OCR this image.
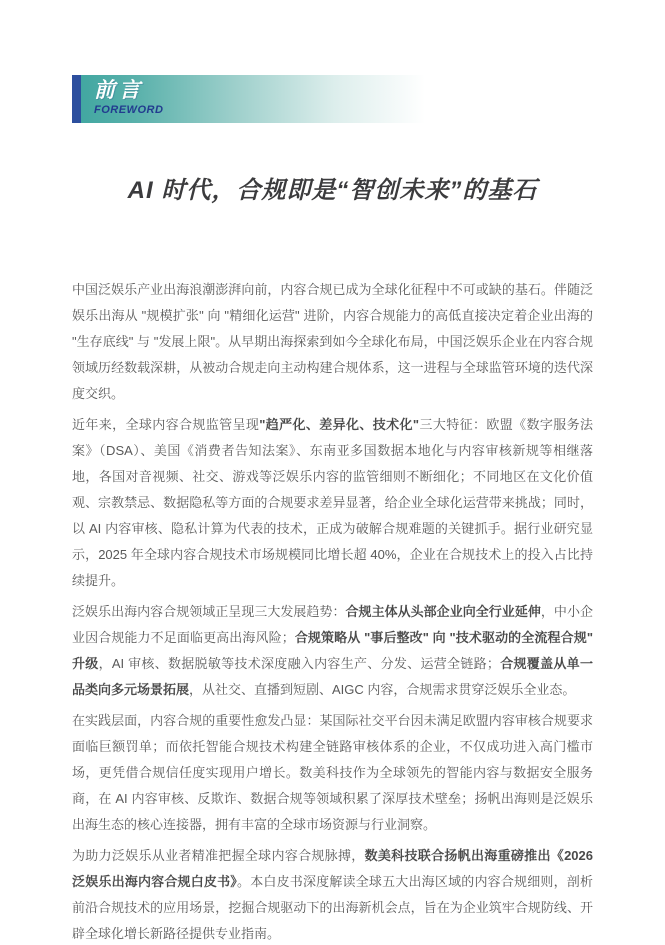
前言
FOREWORD
AI 时代，合规即是“智创未来”的基石

中国泛娱乐产业出海浪潮澎湃向前，内容合规已成为全球化征程中不可或缺的基石。伴随泛娱乐出海从 "规模扩张" 向 "精细化运营" 进阶，内容合规能力的高低直接决定着企业出海的 "生存底线" 与 "发展上限"。从早期出海探索到如今全球化布局，中国泛娱乐企业在内容合规领域历经数载深耕，从被动合规走向主动构建合规体系，这一进程与全球监管环境的迭代深度交织。

近年来，全球内容合规监管呈现"趋严化、差异化、技术化"三大特征：欧盟《数字服务法案》（DSA）、美国《消费者告知法案》、东南亚多国数据本地化与内容审核新规等相继落地，各国对音视频、社交、游戏等泛娱乐内容的监管细则不断细化；不同地区在文化价值观、宗教禁忌、数据隐私等方面的合规要求差异显著，给企业全球化运营带来挑战；同时，以 AI 内容审核、隐私计算为代表的技术，正成为破解合规难题的关键抓手。据行业研究显示，2025 年全球内容合规技术市场规模同比增长超 40%，企业在合规技术上的投入占比持续提升。

泛娱乐出海内容合规领域正呈现三大发展趋势：合规主体从头部企业向全行业延伸，中小企业因合规能力不足面临更高出海风险；合规策略从 "事后整改" 向 "技术驱动的全流程合规" 升级，AI 审核、数据脱敏等技术深度融入内容生产、分发、运营全链路；合规覆盖从单一品类向多元场景拓展，从社交、直播到短剧、AIGC 内容，合规需求贯穿泛娱乐全业态。

在实践层面，内容合规的重要性愈发凸显：某国际社交平台因未满足欧盟内容审核合规要求面临巨额罚单；而依托智能合规技术构建全链路审核体系的企业，不仅成功进入高门槛市场，更凭借合规信任度实现用户增长。数美科技作为全球领先的智能内容与数据安全服务商，在 AI 内容审核、反欺诈、数据合规等领域积累了深厚技术壁垒；扬帆出海则是泛娱乐出海生态的核心连接器，拥有丰富的全球市场资源与行业洞察。

为助力泛娱乐从业者精准把握全球内容合规脉搏，数美科技联合扬帆出海重磅推出《2026 泛娱乐出海内容合规白皮书》。本白皮书深度解读全球五大出海区域的内容合规细则，剖析前沿合规技术的应用场景，挖掘合规驱动下的出海新机会点，旨在为企业筑牢合规防线、开辟全球化增长新路径提供专业指南。
